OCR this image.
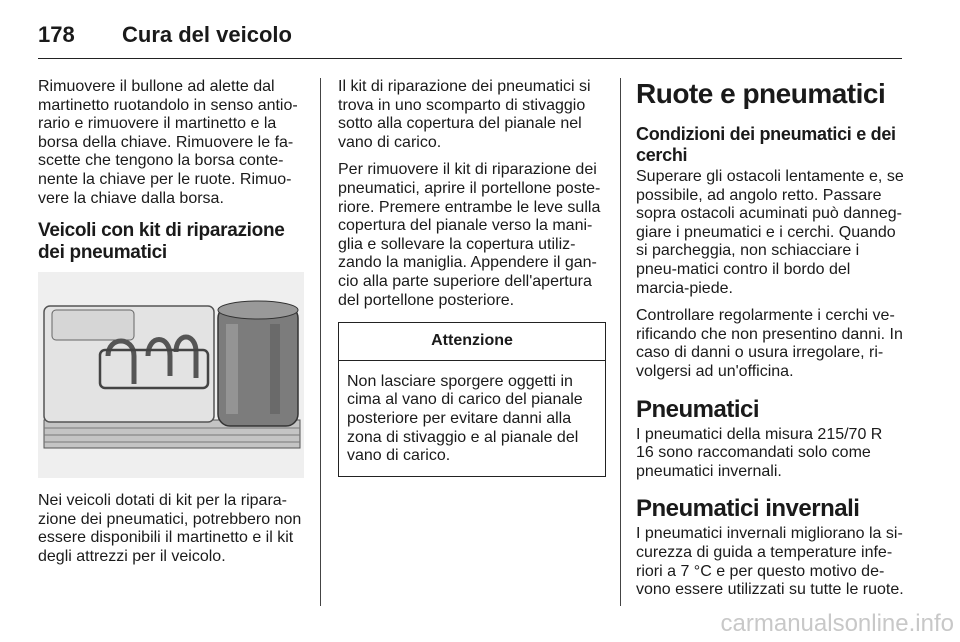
178 Cura del veicolo

Rimuovere il bullone ad alette dal martinetto ruotandolo in senso antio-rario e rimuovere il martinetto e la borsa della chiave. Rimuovere le fa-scette che tengono la borsa conte-nente la chiave per le ruote. Rimuo-vere la chiave dalla borsa.

Veicoli con kit di riparazione dei pneumatici

Nei veicoli dotati di kit per la ripara-zione dei pneumatici, potrebbero non essere disponibili il martinetto e il kit degli attrezzi per il veicolo.

Il kit di riparazione dei pneumatici si trova in uno scomparto di stivaggio sotto alla copertura del pianale nel vano di carico.

Per rimuovere il kit di riparazione dei pneumatici, aprire il portellone poste-riore. Premere entrambe le leve sulla copertura del pianale verso la mani-glia e sollevare la copertura utiliz-zando la maniglia. Appendere il gan-cio alla parte superiore dell'apertura del portellone posteriore.

Attenzione
Non lasciare sporgere oggetti in cima al vano di carico del pianale posteriore per evitare danni alla zona di stivaggio e al pianale del vano di carico.
Ruote e pneumatici
Condizioni dei pneumatici e dei cerchi

Superare gli ostacoli lentamente e, se possibile, ad angolo retto. Passare sopra ostacoli acuminati può danneg-giare i pneumatici e i cerchi. Quando si parcheggia, non schiacciare i pneu-matici contro il bordo del marcia-piede.

Controllare regolarmente i cerchi ve-rificando che non presentino danni. In caso di danni o usura irregolare, ri-volgersi ad un'officina.

Pneumatici

I pneumatici della misura 215/70 R 16 sono raccomandati solo come pneumatici invernali.

Pneumatici invernali

I pneumatici invernali migliorano la si-curezza di guida a temperature infe-riori a 7 °C e per questo motivo de-vono essere utilizzati su tutte le ruote.

carmanualsonline.info
